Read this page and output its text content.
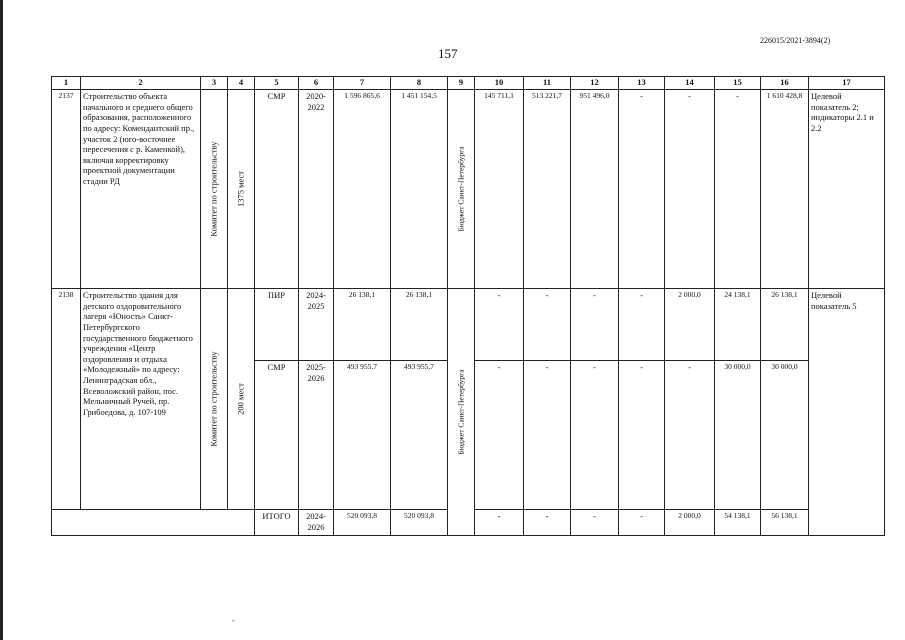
226015/2021-3894(2)
157
-
1	2	3	4	5	6	7	8	9	10	11	12	13	14	15	16	17
2137	Строительство объекта начального и среднего общего образования, расположенного по адресу: Комендантский пр., участок 2 (юго-восточнее пересечения с р. Каменкой), включая корректировку проектной документации стадии РД	Комитет по строительству	1375 мест	СМР	2020-2022	1 596 865,6	1 451 154,5	Бюджет Санкт-Петербурга	145 711,1	513 221,7	951 496,0	-	-	-	1 610 428,8	Целевой показатель 2; индикаторы 2.1 и 2.2
2138	Строительство здания для детского оздоровительного лагеря «Юность» Санкт-Петербургского государственного бюджетного учреждения «Центр оздоровления и отдыха «Молодежный» по адресу: Ленинградская обл., Всеволожский район, пос. Мельничный Ручей, пр. Грибоедова, д. 107-109	Комитет по строительству	200 мест	ПИР	2024-2025	26 138,1	26 138,1	Бюджет Санкт-Петербурга	-	-	-	-	2 000,0	24 138,1	26 138,1	Целевой показатель 5
				СМР	2025-2026	493 955,7	493 955,7		-	-	-	-	-	30 000,0	30 000,0	
				ИТОГО	2024-2026	520 093,8	520 093,8		-	-	-	-	2 000,0	54 138,1	56 138,1	
